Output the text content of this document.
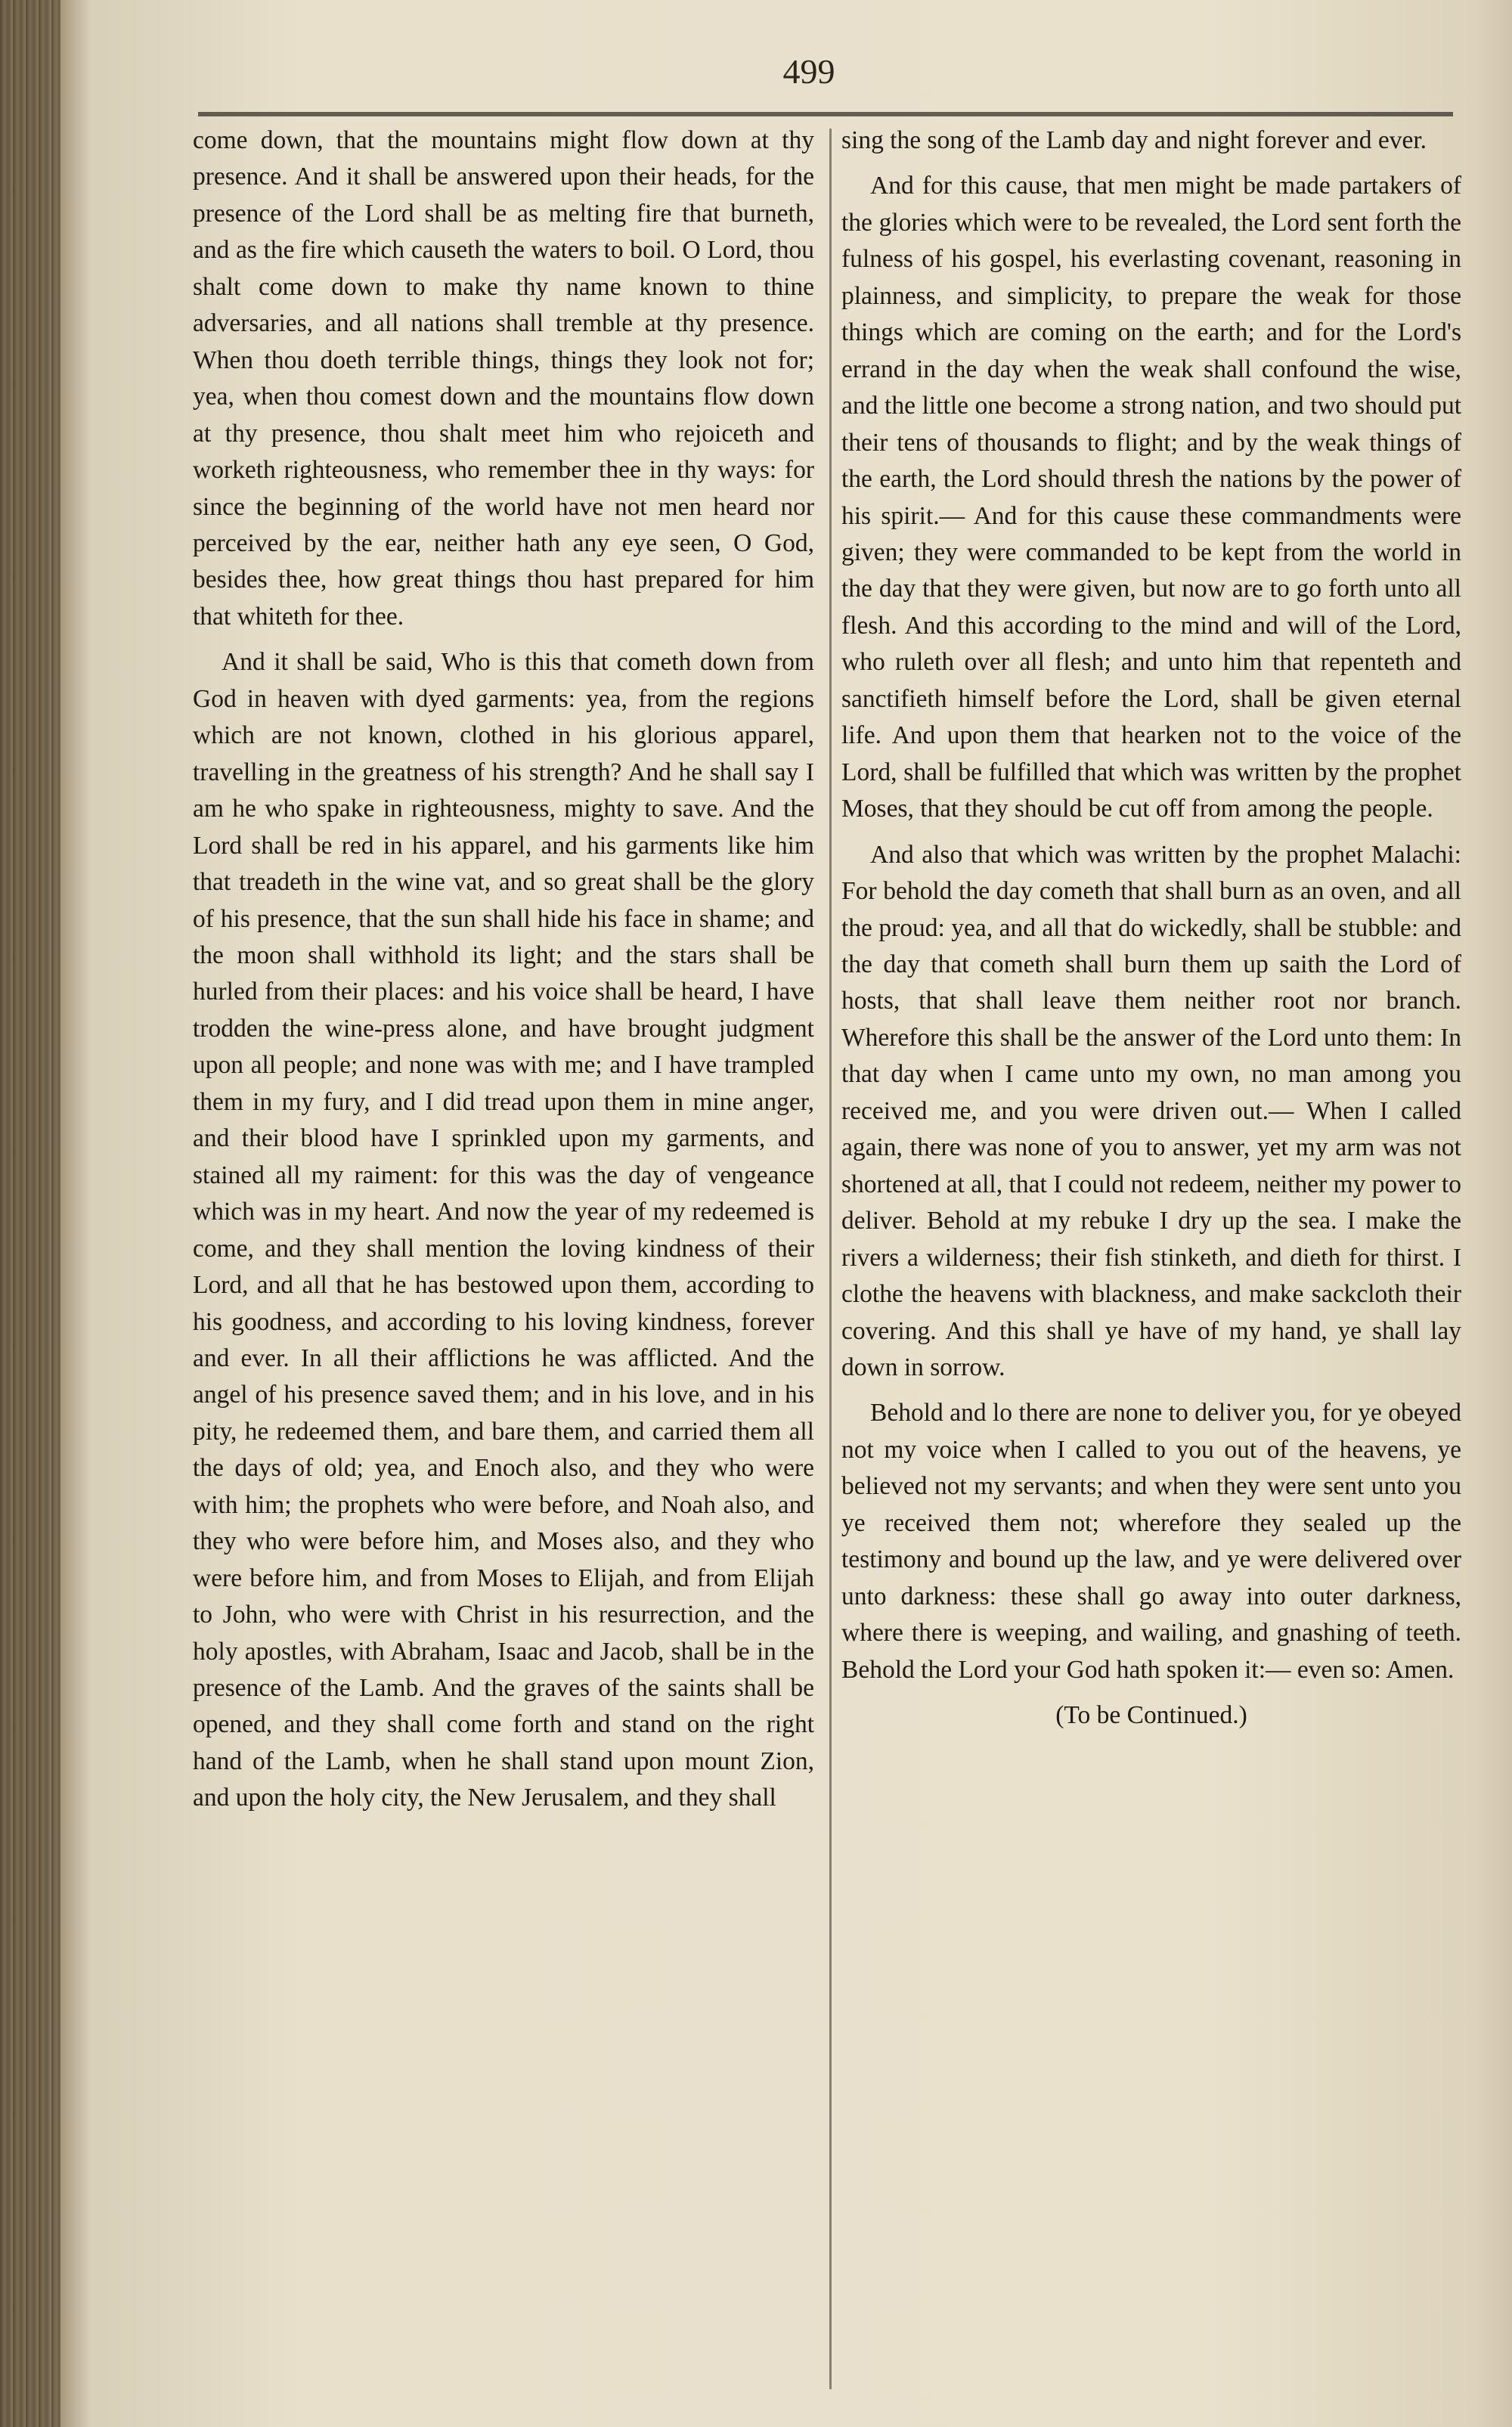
499

come down, that the mountains might flow down at thy presence. And it shall be answered upon their heads, for the presence of the Lord shall be as melting fire that burneth, and as the fire which causeth the waters to boil. O Lord, thou shalt come down to make thy name known to thine adversaries, and all nations shall tremble at thy presence. When thou doeth terrible things, things they look not for; yea, when thou comest down and the mountains flow down at thy presence, thou shalt meet him who rejoiceth and worketh righteousness, who remember thee in thy ways: for since the beginning of the world have not men heard nor perceived by the ear, neither hath any eye seen, O God, besides thee, how great things thou hast prepared for him that whiteth for thee.

And it shall be said, Who is this that cometh down from God in heaven with dyed garments: yea, from the regions which are not known, clothed in his glorious apparel, travelling in the greatness of his strength? And he shall say I am he who spake in righteousness, mighty to save. And the Lord shall be red in his apparel, and his garments like him that treadeth in the wine vat, and so great shall be the glory of his presence, that the sun shall hide his face in shame; and the moon shall withhold its light; and the stars shall be hurled from their places: and his voice shall be heard, I have trodden the wine-press alone, and have brought judgment upon all people; and none was with me; and I have trampled them in my fury, and I did tread upon them in mine anger, and their blood have I sprinkled upon my garments, and stained all my raiment: for this was the day of vengeance which was in my heart. And now the year of my redeemed is come, and they shall mention the loving kindness of their Lord, and all that he has bestowed upon them, according to his goodness, and according to his loving kindness, forever and ever. In all their afflictions he was afflicted. And the angel of his presence saved them; and in his love, and in his pity, he redeemed them, and bare them, and carried them all the days of old; yea, and Enoch also, and they who were with him; the prophets who were before, and Noah also, and they who were before him, and Moses also, and they who were before him, and from Moses to Elijah, and from Elijah to John, who were with Christ in his resurrection, and the holy apostles, with Abraham, Isaac and Jacob, shall be in the presence of the Lamb. And the graves of the saints shall be opened, and they shall come forth and stand on the right hand of the Lamb, when he shall stand upon mount Zion, and upon the holy city, the New Jerusalem, and they shall

sing the song of the Lamb day and night forever and ever.

And for this cause, that men might be made partakers of the glories which were to be revealed, the Lord sent forth the fulness of his gospel, his everlasting covenant, reasoning in plainness, and simplicity, to prepare the weak for those things which are coming on the earth; and for the Lord's errand in the day when the weak shall confound the wise, and the little one become a strong nation, and two should put their tens of thousands to flight; and by the weak things of the earth, the Lord should thresh the nations by the power of his spirit.— And for this cause these commandments were given; they were commanded to be kept from the world in the day that they were given, but now are to go forth unto all flesh. And this according to the mind and will of the Lord, who ruleth over all flesh; and unto him that repenteth and sanctifieth himself before the Lord, shall be given eternal life. And upon them that hearken not to the voice of the Lord, shall be fulfilled that which was written by the prophet Moses, that they should be cut off from among the people.

And also that which was written by the prophet Malachi: For behold the day cometh that shall burn as an oven, and all the proud: yea, and all that do wickedly, shall be stubble: and the day that cometh shall burn them up saith the Lord of hosts, that shall leave them neither root nor branch. Wherefore this shall be the answer of the Lord unto them: In that day when I came unto my own, no man among you received me, and you were driven out.— When I called again, there was none of you to answer, yet my arm was not shortened at all, that I could not redeem, neither my power to deliver. Behold at my rebuke I dry up the sea. I make the rivers a wilderness; their fish stinketh, and dieth for thirst. I clothe the heavens with blackness, and make sackcloth their covering. And this shall ye have of my hand, ye shall lay down in sorrow.

Behold and lo there are none to deliver you, for ye obeyed not my voice when I called to you out of the heavens, ye believed not my servants; and when they were sent unto you ye received them not; wherefore they sealed up the testimony and bound up the law, and ye were delivered over unto darkness: these shall go away into outer darkness, where there is weeping, and wailing, and gnashing of teeth. Behold the Lord your God hath spoken it:— even so: Amen.

(To be Continued.)
